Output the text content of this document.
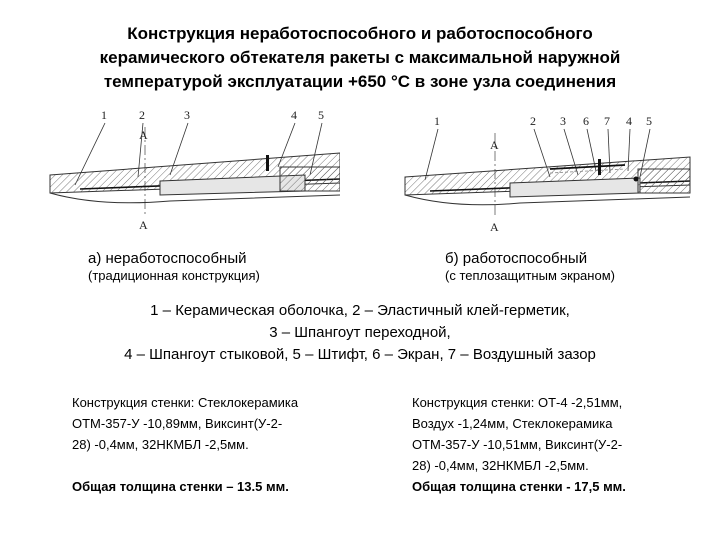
Конструкция неработоспособного и работоспособного
керамического обтекателя ракеты с максимальной наружной
температурой эксплуатации +650 °С в зоне узла соединения
1	2	3	4 5
А
А
1	2 3 6 7 4 5
А
А
а) неработоспособный
(традиционная конструкция)
б) работоспособный
(с теплозащитным экраном)
1 – Керамическая оболочка, 2 – Эластичный клей-герметик,
3 – Шпангоут переходной,
4 – Шпангоут стыковой, 5 – Штифт, 6 – Экран, 7 – Воздушный зазор
Конструкция стенки: Стеклокерамика
ОТМ-357-У -10,89мм, Виксинт(У-2-
28) -0,4мм, 32НКМБЛ -2,5мм.
Общая толщина стенки – 13.5 мм.
Конструкция стенки: ОТ-4 -2,51мм,
Воздух -1,24мм, Стеклокерамика
ОТМ-357-У -10,51мм, Виксинт(У-2-
28) -0,4мм, 32НКМБЛ -2,5мм.
Общая толщина стенки - 17,5 мм.
